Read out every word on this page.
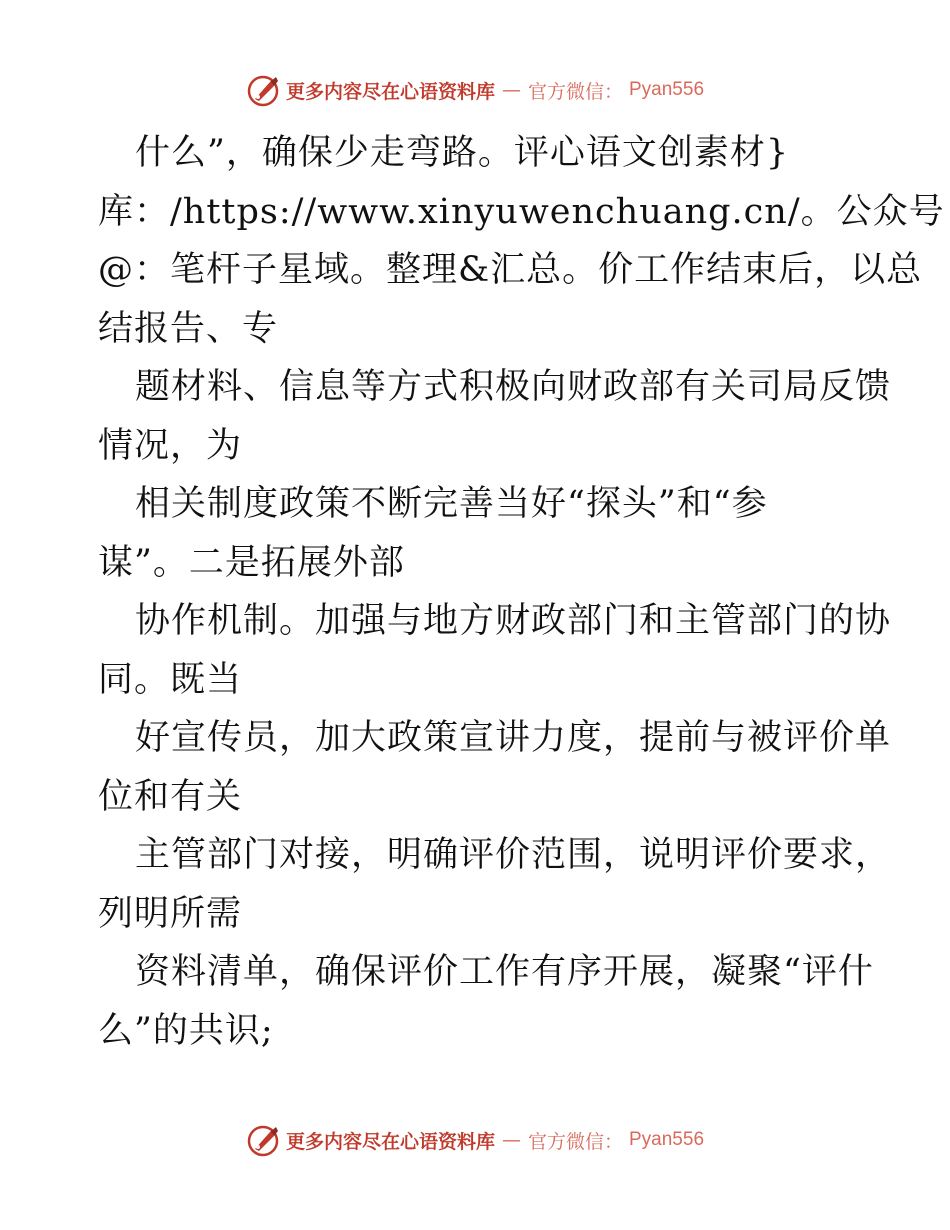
更多内容尽在心语资料库 — 官方微信： Pyan556
什么”，确保少走弯路。评心语文创素材}
库：/https://www.xinyuwenchuang.cn/。公众号
@：笔杆子星域。整理&汇总。价工作结束后，以总
结报告、专
题材料、信息等方式积极向财政部有关司局反馈
情况，为
相关制度政策不断完善当好“探头”和“参
谋”。二是拓展外部
协作机制。加强与地方财政部门和主管部门的协
同。既当
好宣传员，加大政策宣讲力度，提前与被评价单
位和有关
主管部门对接，明确评价范围，说明评价要求，
列明所需
资料清单，确保评价工作有序开展，凝聚“评什
么”的共识;
更多内容尽在心语资料库 — 官方微信： Pyan556
